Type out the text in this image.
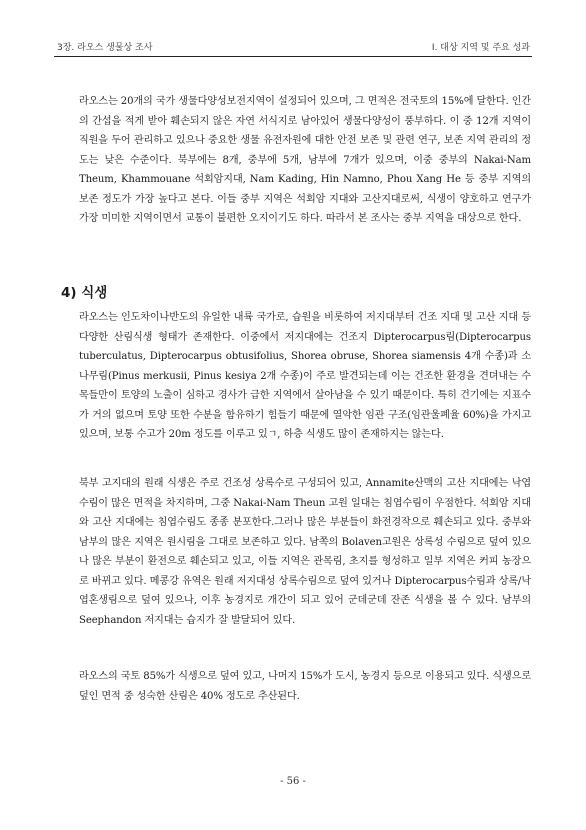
3장. 라오스 생물상 조사	Ⅰ. 대상 지역 및 주요 성과

라오스는 20개의 국가 생물다양성보전지역이 설정되어 있으며, 그 면적은 전국토의 15%에 달한다. 인간의 간섭을 적게 받아 훼손되지 않은 자연 서식지로 남아있어 생물다양성이 풍부하다. 이 중 12개 지역이 직원을 두어 관리하고 있으나 중요한 생물 유전자원에 대한 안전 보존 및 관련 연구, 보존 지역 관리의 정도는 낮은 수준이다. 북부에는 8개, 중부에 5개, 남부에 7개가 있으며, 이중 중부의 Nakai-Nam Theum, Khammouane 석회암지대, Nam Kading, Hin Namno, Phou Xang He 등 중부 지역의 보존 정도가 가장 높다고 본다. 이들 중부 지역은 석회암 지대와 고산지대로써, 식생이 양호하고 연구가 가장 미미한 지역이면서 교통이 불편한 오지이기도 하다. 따라서 본 조사는 중부 지역을 대상으로 한다.

4) 식생

라오스는 인도차이나반도의 유일한 내륙 국가로, 습원을 비롯하여 저지대부터 건조 지대 및 고산 지대 등 다양한 산림식생 형태가 존재한다. 이중에서 저지대에는 건조지 Dipterocarpus림(Dipterocarpus tuberculatus, Dipterocarpus obtusifolius, Shorea obruse, Shorea siamensis 4개 수종)과 소나무림(Pinus merkusii, Pinus kesiya 2개 수종)이 주로 발견되는데 이는 건조한 환경을 견뎌내는 수목들만이 토양의 노출이 심하고 경사가 급한 지역에서 살아남을 수 있기 때문이다. 특히 건기에는 지표수가 거의 없으며 토양 또한 수분을 함유하기 힘들기 때문에 열악한 임관 구조(임관울폐율 60%)을 가지고 있으며, 보통 수고가 20m 정도를 이루고 있ㄱ, 하층 식생도 많이 존재하지는 않는다.

북부 고지대의 원래 식생은 주로 건조성 상록수로 구성되어 있고, Annamite산맥의 고산 지대에는 낙엽수림이 많은 면적을 차지하며, 그중 Nakai-Nam Theun 고원 일대는 침엽수림이 우점한다. 석회암 지대와 고산 지대에는 침엽수림도 종종 분포한다.그러나 많은 부분들이 화전경작으로 훼손되고 있다. 중부와 남부의 많은 지역은 원시림을 그대로 보존하고 있다. 남쪽의 Bolaven고원은 상록성 수림으로 덮여 있으나 많은 부분이 환전으로 훼손되고 있고, 이들 지역은 관목림, 초지를 형성하고 일부 지역은 커피 농장으로 바뀌고 있다. 메콩강 유역은 원래 저지대성 상록수림으로 덮여 있거나 Dipterocarpus수림과 상록/낙엽혼생림으로 덮여 있으나, 이후 농경지로 개간이 되고 있어 군데군데 잔존 식생을 볼 수 있다. 남부의 Seephandon 저지대는 습지가 잘 발달되어 있다.

라오스의 국토 85%가 식생으로 덮여 있고, 나머지 15%가 도시, 농경지 등으로 이용되고 있다. 식생으로 덮인 면적 중 성숙한 산림은 40% 정도로 추산된다.

- 56 -
